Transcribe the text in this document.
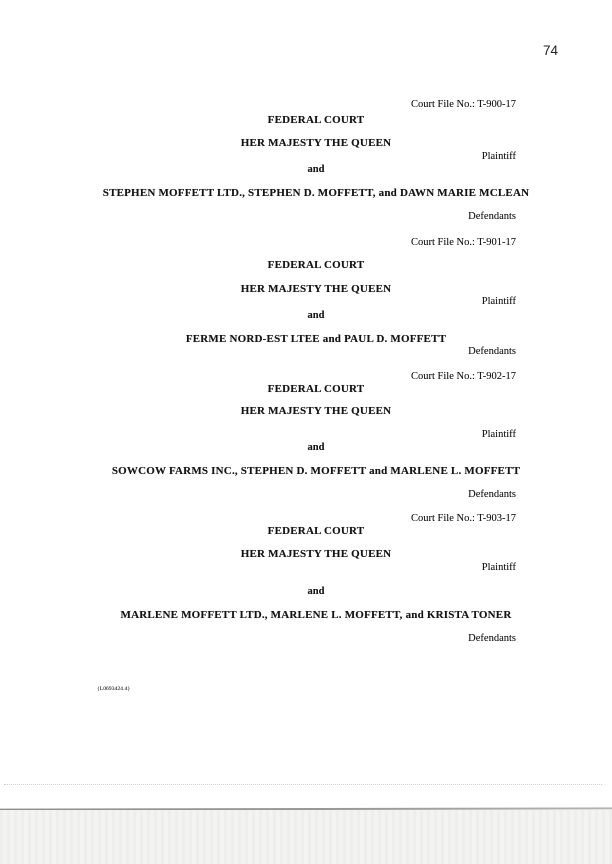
74
Court File No.: T-900-17
FEDERAL COURT
HER MAJESTY THE QUEEN
Plaintiff
and
STEPHEN MOFFETT LTD., STEPHEN D. MOFFETT, and DAWN MARIE MCLEAN
Defendants
Court File No.: T-901-17
FEDERAL COURT
HER MAJESTY THE QUEEN
Plaintiff
and
FERME NORD-EST LTEE and PAUL D. MOFFETT
Defendants
Court File No.: T-902-17
FEDERAL COURT
HER MAJESTY THE QUEEN
Plaintiff
and
SOWCOW FARMS INC., STEPHEN D. MOFFETT and MARLENE L. MOFFETT
Defendants
Court File No.: T-903-17
FEDERAL COURT
HER MAJESTY THE QUEEN
Plaintiff
and
MARLENE MOFFETT LTD., MARLENE L. MOFFETT, and KRISTA TONER
Defendants
{L0693424.4}
